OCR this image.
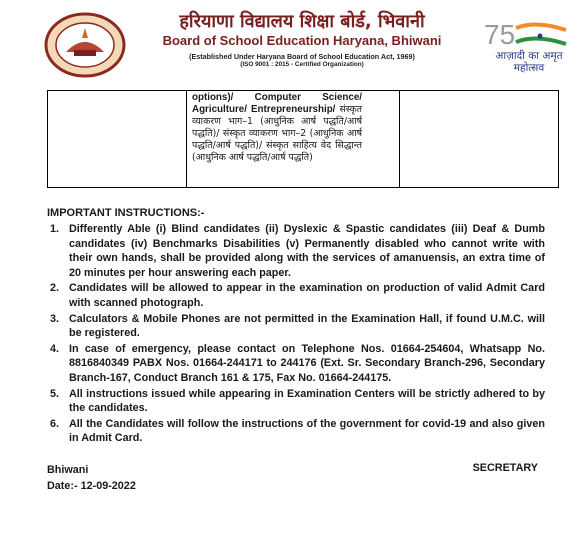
हरियाणा विद्यालय शिक्षा बोर्ड, भिवानी
Board of School Education Haryana, Bhiwani
(Established Under Haryana Board of School Education Act, 1969)
(ISO 9001 : 2015 - Certified Organization)
75
आज़ादी का अमृत महोत्सव
options)/ Computer Science/ Agriculture/ Entrepreneurship/ संस्कृत व्याकरण भाग–1 (आधुनिक आर्ष पद्धति/आर्ष पद्धति)/ संस्कृत व्याकरण भाग–2 (आधुनिक आर्ष पद्धति/आर्ष पद्धति)/ संस्कृत साहित्य वेद सिद्धान्त (आधुनिक आर्ष पद्धति/आर्ष पद्धति)
IMPORTANT INSTRUCTIONS:-
1. Differently Able (i) Blind candidates (ii) Dyslexic & Spastic candidates (iii) Deaf & Dumb candidates (iv) Benchmarks Disabilities (v) Permanently disabled who cannot write with their own hands, shall be provided along with the services of amanuensis, an extra time of 20 minutes per hour answering each paper.
2. Candidates will be allowed to appear in the examination on production of valid Admit Card with scanned photograph.
3. Calculators & Mobile Phones are not permitted in the Examination Hall, if found U.M.C. will be registered.
4. In case of emergency, please contact on Telephone Nos. 01664-254604, Whatsapp No. 8816840349 PABX Nos. 01664-244171 to 244176 (Ext. Sr. Secondary Branch-296, Secondary Branch-167, Conduct Branch 161 & 175, Fax No. 01664-244175.
5. All instructions issued while appearing in Examination Centers will be strictly adhered to by the candidates.
6. All the Candidates will follow the instructions of the government for covid-19 and also given in Admit Card.
Bhiwani
Date:- 12-09-2022
SECRETARY
